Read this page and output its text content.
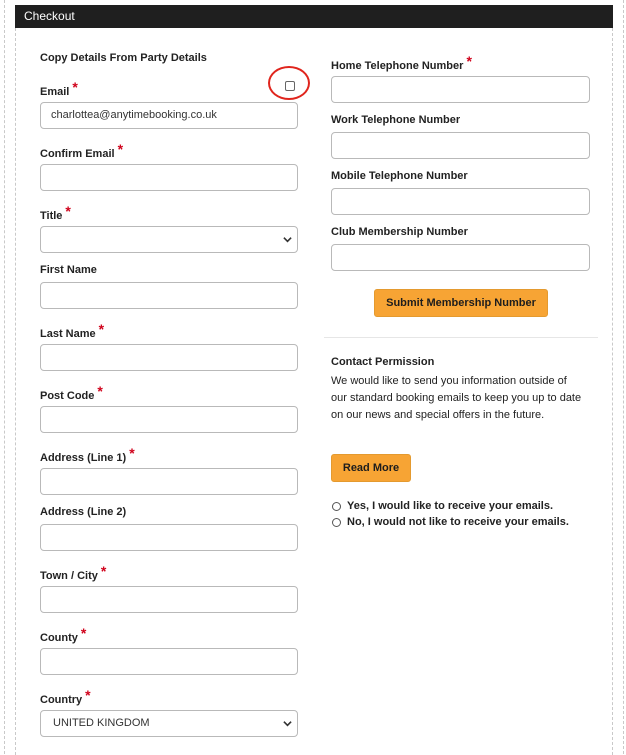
Checkout
Copy Details From Party Details
Email *
charlottea@anytimebooking.co.uk
Confirm Email *
Title *
First Name
Last Name *
Post Code *
Address (Line 1) *
Address (Line 2)
Town / City *
County *
Country *
UNITED KINGDOM
Home Telephone Number *
Work Telephone Number
Mobile Telephone Number
Club Membership Number
Submit Membership Number
Contact Permission
We would like to send you information outside of
our standard booking emails to keep you up to date
on our news and special offers in the future.
Read More
Yes, I would like to receive your emails.
No, I would not like to receive your emails.
